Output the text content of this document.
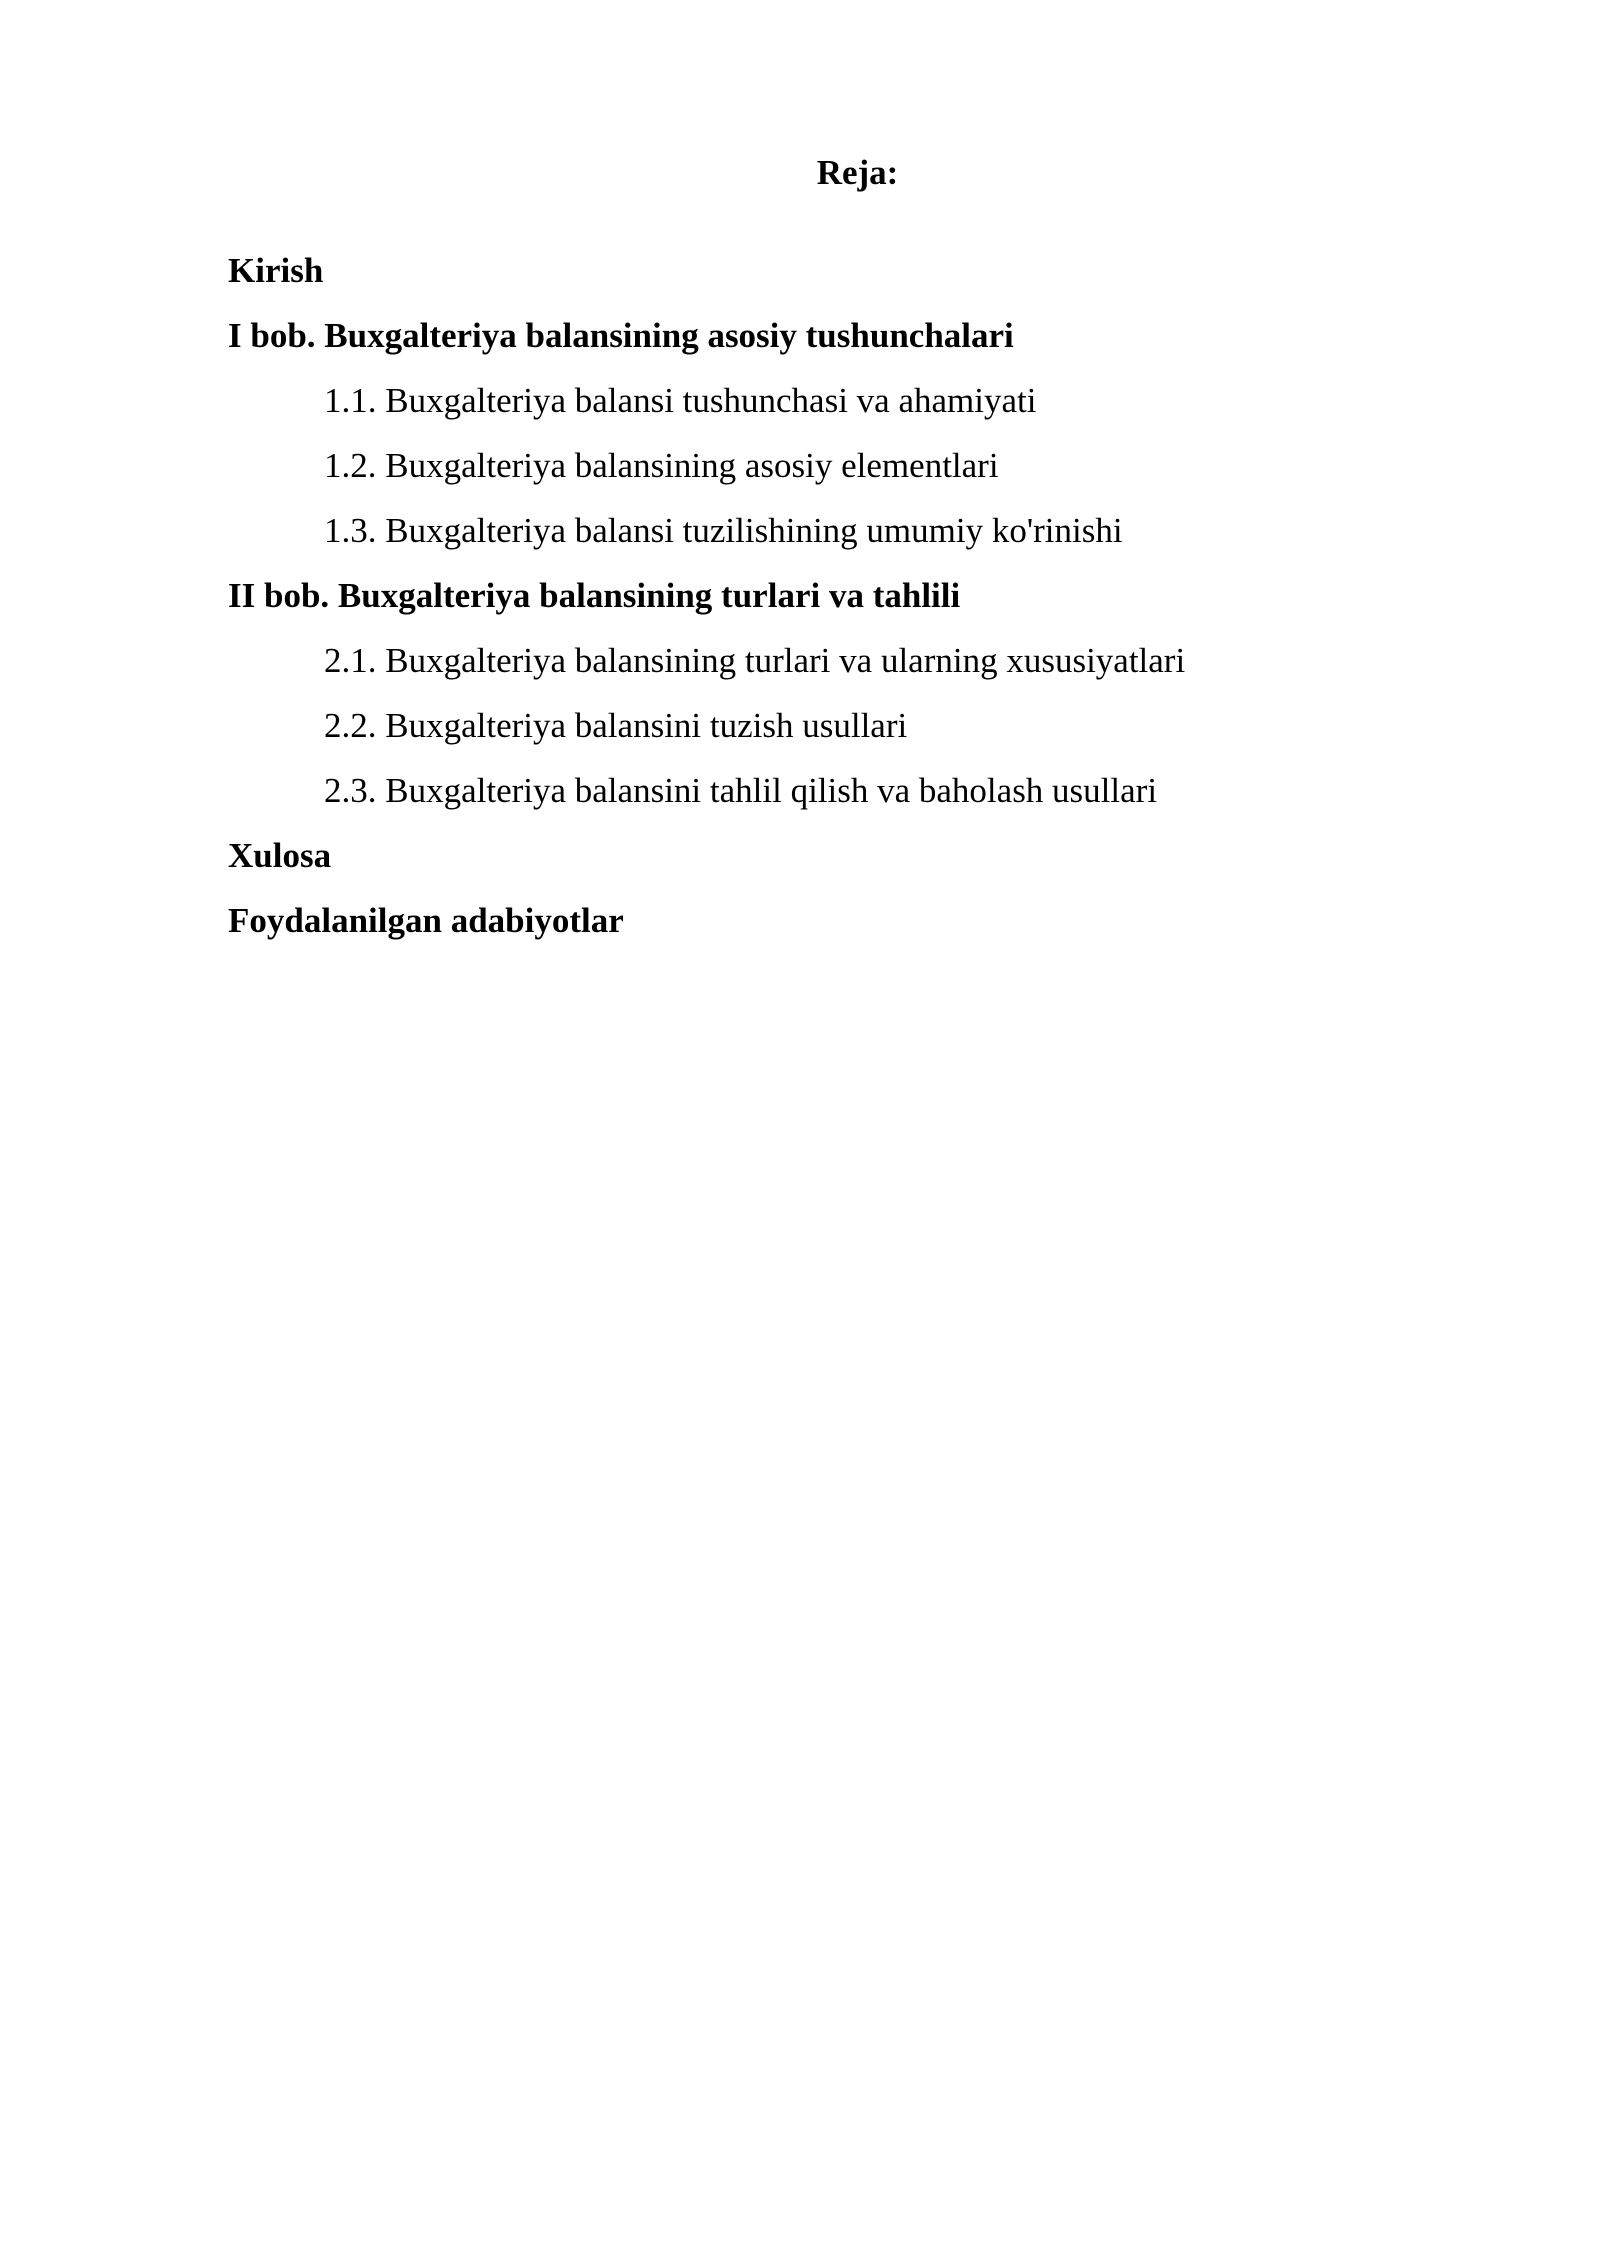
Reja:
Kirish
I bob. Buxgalteriya balansining asosiy tushunchalari
1.1. Buxgalteriya balansi tushunchasi va ahamiyati
1.2. Buxgalteriya balansining asosiy elementlari
1.3. Buxgalteriya balansi tuzilishining umumiy ko'rinishi
II bob. Buxgalteriya balansining turlari va tahlili
2.1. Buxgalteriya balansining turlari va ularning xususiyatlari
2.2. Buxgalteriya balansini tuzish usullari
2.3. Buxgalteriya balansini tahlil qilish va baholash usullari
Xulosa
Foydalanilgan adabiyotlar
